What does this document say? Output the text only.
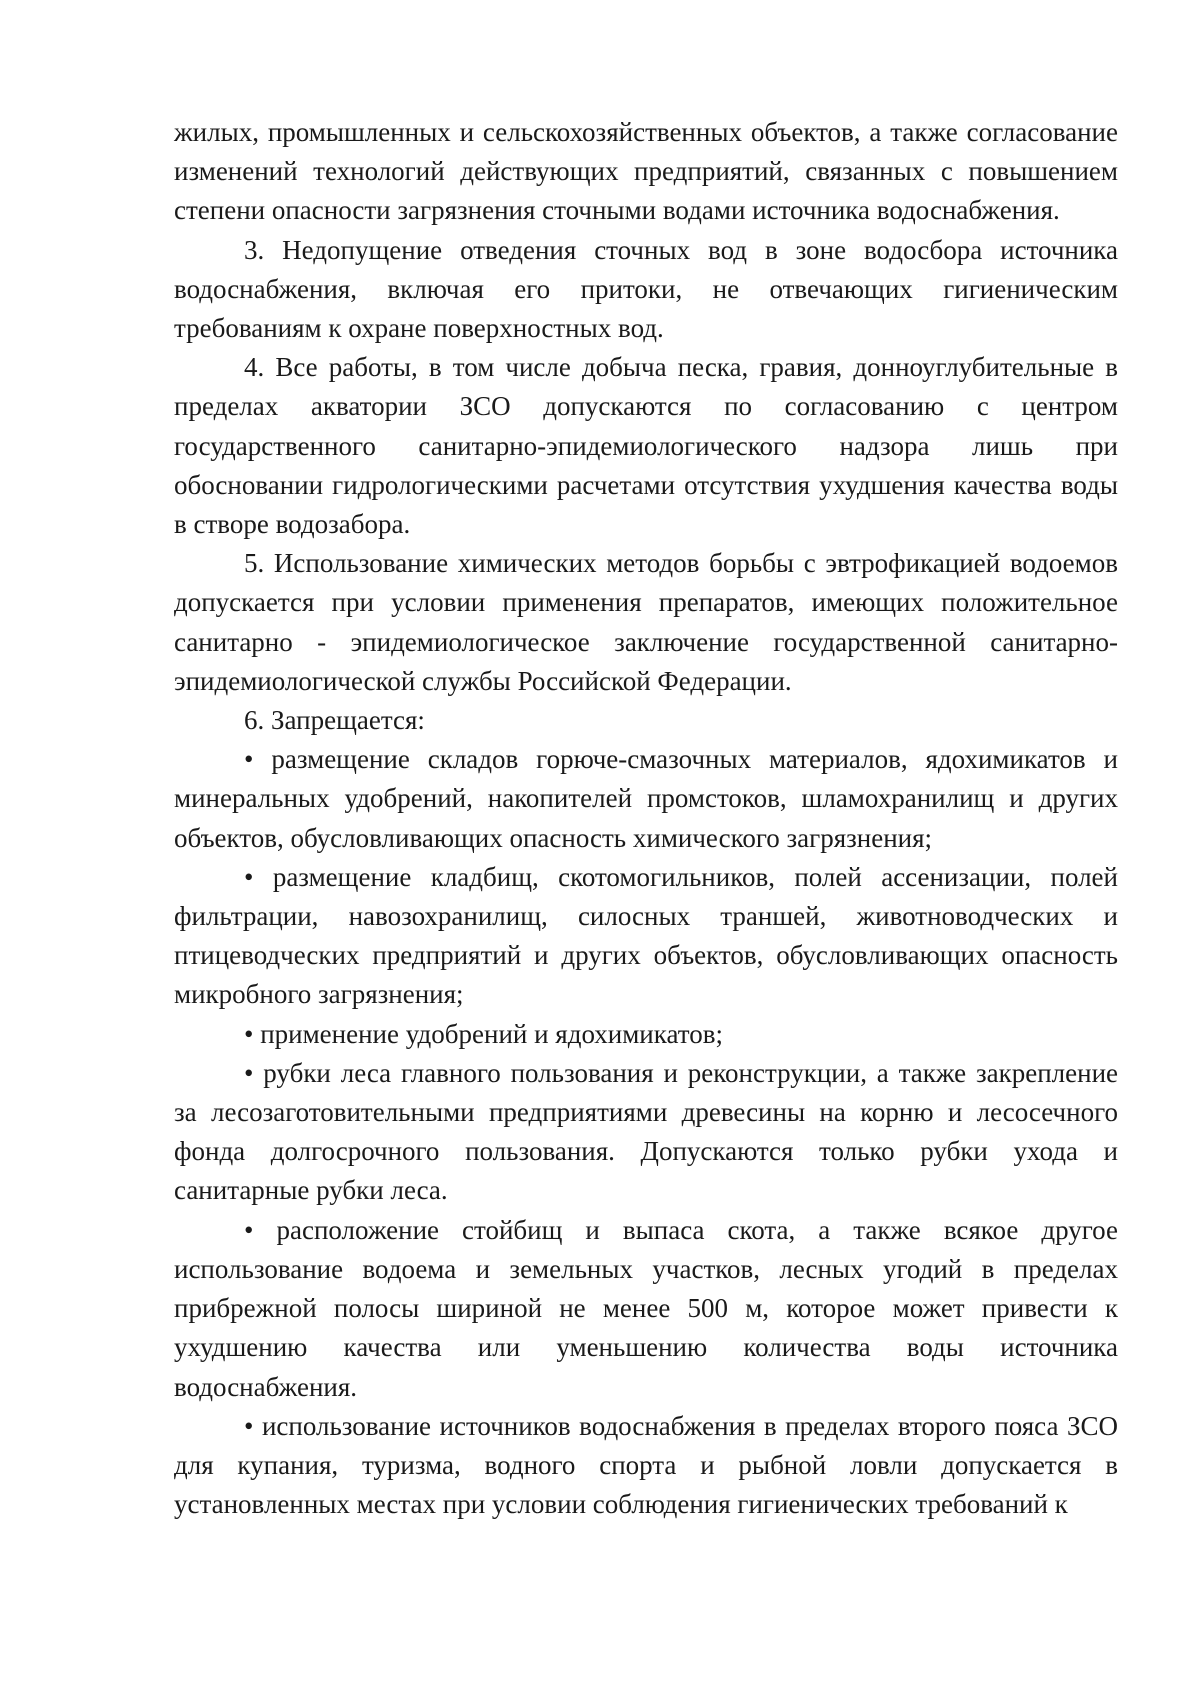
жилых, промышленных и сельскохозяйственных объектов, а также согласование изменений технологий действующих предприятий, связанных с повышением степени опасности загрязнения сточными водами источника водоснабжения.

3. Недопущение отведения сточных вод в зоне водосбора источника водоснабжения, включая его притоки, не отвечающих гигиеническим требованиям к охране поверхностных вод.

4. Все работы, в том числе добыча песка, гравия, донноуглубительные в пределах акватории ЗСО допускаются по согласованию с центром государственного санитарно-эпидемиологического надзора лишь при обосновании гидрологическими расчетами отсутствия ухудшения качества воды в створе водозабора.

5. Использование химических методов борьбы с эвтрофикацией водоемов допускается при условии применения препаратов, имеющих положительное санитарно - эпидемиологическое заключение государственной санитарно-эпидемиологической службы Российской Федерации.

6. Запрещается:

• размещение складов горюче-смазочных материалов, ядохимикатов и минеральных удобрений, накопителей промстоков, шламохранилищ и других объектов, обусловливающих опасность химического загрязнения;

• размещение кладбищ, скотомогильников, полей ассенизации, полей фильтрации, навозохранилищ, силосных траншей, животноводческих и птицеводческих предприятий и других объектов, обусловливающих опасность микробного загрязнения;

• применение удобрений и ядохимикатов;

• рубки леса главного пользования и реконструкции, а также закрепление за лесозаготовительными предприятиями древесины на корню и лесосечного фонда долгосрочного пользования. Допускаются только рубки ухода и санитарные рубки леса.

• расположение стойбищ и выпаса скота, а также всякое другое использование водоема и земельных участков, лесных угодий в пределах прибрежной полосы шириной не менее 500 м, которое может привести к ухудшению качества или уменьшению количества воды источника водоснабжения.

• использование источников водоснабжения в пределах второго пояса ЗСО для купания, туризма, водного спорта и рыбной ловли допускается в установленных местах при условии соблюдения гигиенических требований к
